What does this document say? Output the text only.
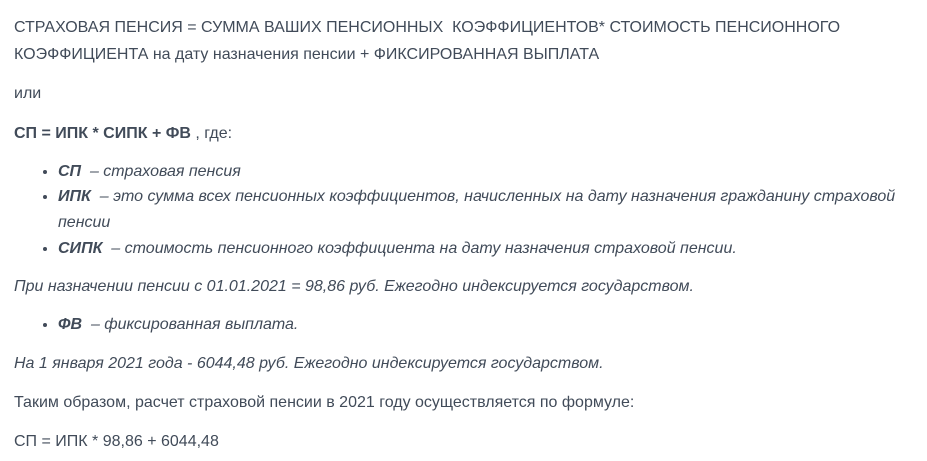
СТРАХОВАЯ ПЕНСИЯ = СУММА ВАШИХ ПЕНСИОННЫХ  КОЭФФИЦИЕНТОВ* СТОИМОСТЬ ПЕНСИОННОГО КОЭФФИЦИЕНТА на дату назначения пенсии + ФИКСИРОВАННАЯ ВЫПЛАТА

или

СП = ИПК * СИПК + ФВ , где:

• СП  – страховая пенсия
• ИПК  – это сумма всех пенсионных коэффициентов, начисленных на дату назначения гражданину страховой пенсии
• СИПК  – стоимость пенсионного коэффициента на дату назначения страховой пенсии.

При назначении пенсии с 01.01.2021 = 98,86 руб. Ежегодно индексируется государством.

• ФВ  – фиксированная выплата.

На 1 января 2021 года - 6044,48 руб. Ежегодно индексируется государством.

Таким образом, расчет страховой пенсии в 2021 году осуществляется по формуле:

СП = ИПК * 98,86 + 6044,48
